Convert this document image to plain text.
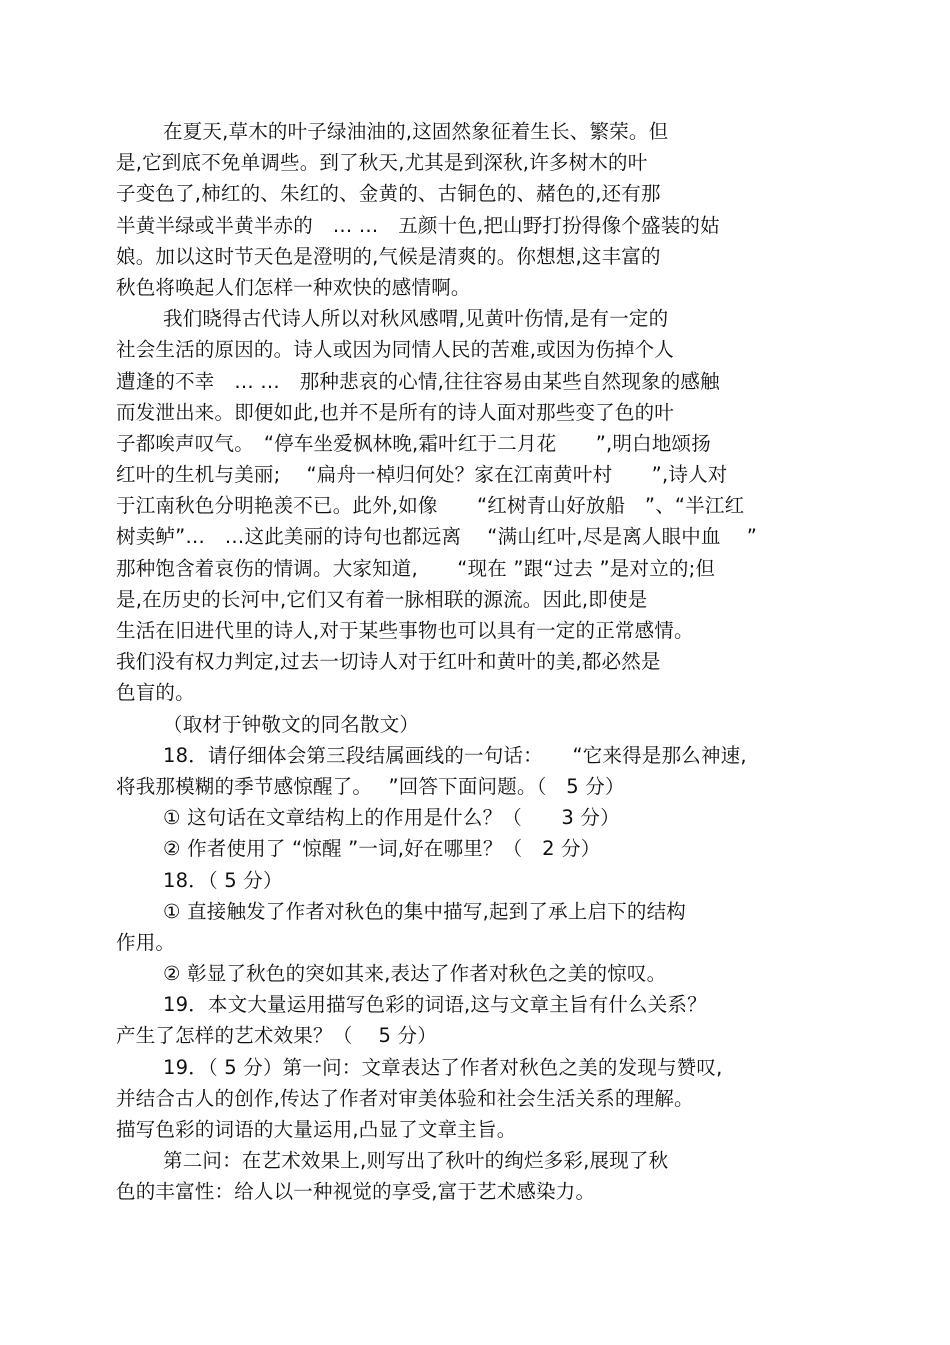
在夏天,草木的叶子绿油油的,这固然象征着生长、繁荣。但
是,它到底不免单调些。到了秋天,尤其是到深秋,许多树木的叶
子变色了,柿红的、朱红的、金黄的、古铜色的、赭色的,还有那
半黄半绿或半黄半赤的　… …　五颜十色,把山野打扮得像个盛装的姑
娘。加以这时节天色是澄明的,气候是清爽的。你想想,这丰富的
秋色将唤起人们怎样一种欢快的感情啊。
我们晓得古代诗人所以对秋风感喟,见黄叶伤情,是有一定的
社会生活的原因的。诗人或因为同情人民的苦难,或因为伤掉个人
遭逢的不幸　… …　那种悲哀的心情,往往容易由某些自然现象的感触
而发泄出来。即便如此,也并不是所有的诗人面对那些变了色的叶
子都唉声叹气。　“停车坐爱枫林晚,霜叶红于二月花　　”,明白地颂扬
红叶的生机与美丽;　 “扁舟一棹归何处？家在江南黄叶村　　”,诗人对
于江南秋色分明艳羡不已。此外,如像　　“红树青山好放船　”、“半江红
树卖鲈”…　…这此美丽的诗句也都远离　 “满山红叶,尽是离人眼中血　 ”
那种饱含着哀伤的情调。大家知道,　　“现在 ”跟“过去 ”是对立的;但
是,在历史的长河中,它们又有着一脉相联的源流。因此,即使是
生活在旧进代里的诗人,对于某些事物也可以具有一定的正常感情。
我们没有权力判定,过去一切诗人对于红叶和黄叶的美,都必然是
色盲的。
（取材于钟敬文的同名散文）
18．请仔细体会第三段结属画线的一句话：　　“它来得是那么神速,
将我那模糊的季节感惊醒了。　 ”回答下面问题。（　5 分）
① 这句话在文章结构上的作用是什么？（　　3 分）
② 作者使用了 “惊醒 ”一词,好在哪里？（　2 分）
18．（ 5 分）
① 直接触发了作者对秋色的集中描写,起到了承上启下的结构
作用。
② 彰显了秋色的突如其来,表达了作者对秋色之美的惊叹。
19．本文大量运用描写色彩的词语,这与文章主旨有什么关系？
产生了怎样的艺术效果？（　 5 分）
19．（ 5 分）第一问：文章表达了作者对秋色之美的发现与赞叹,
并结合古人的创作,传达了作者对审美体验和社会生活关系的理解。
描写色彩的词语的大量运用,凸显了文章主旨。
第二问：在艺术效果上,则写出了秋叶的绚烂多彩,展现了秋
色的丰富性：给人以一种视觉的享受,富于艺术感染力。
